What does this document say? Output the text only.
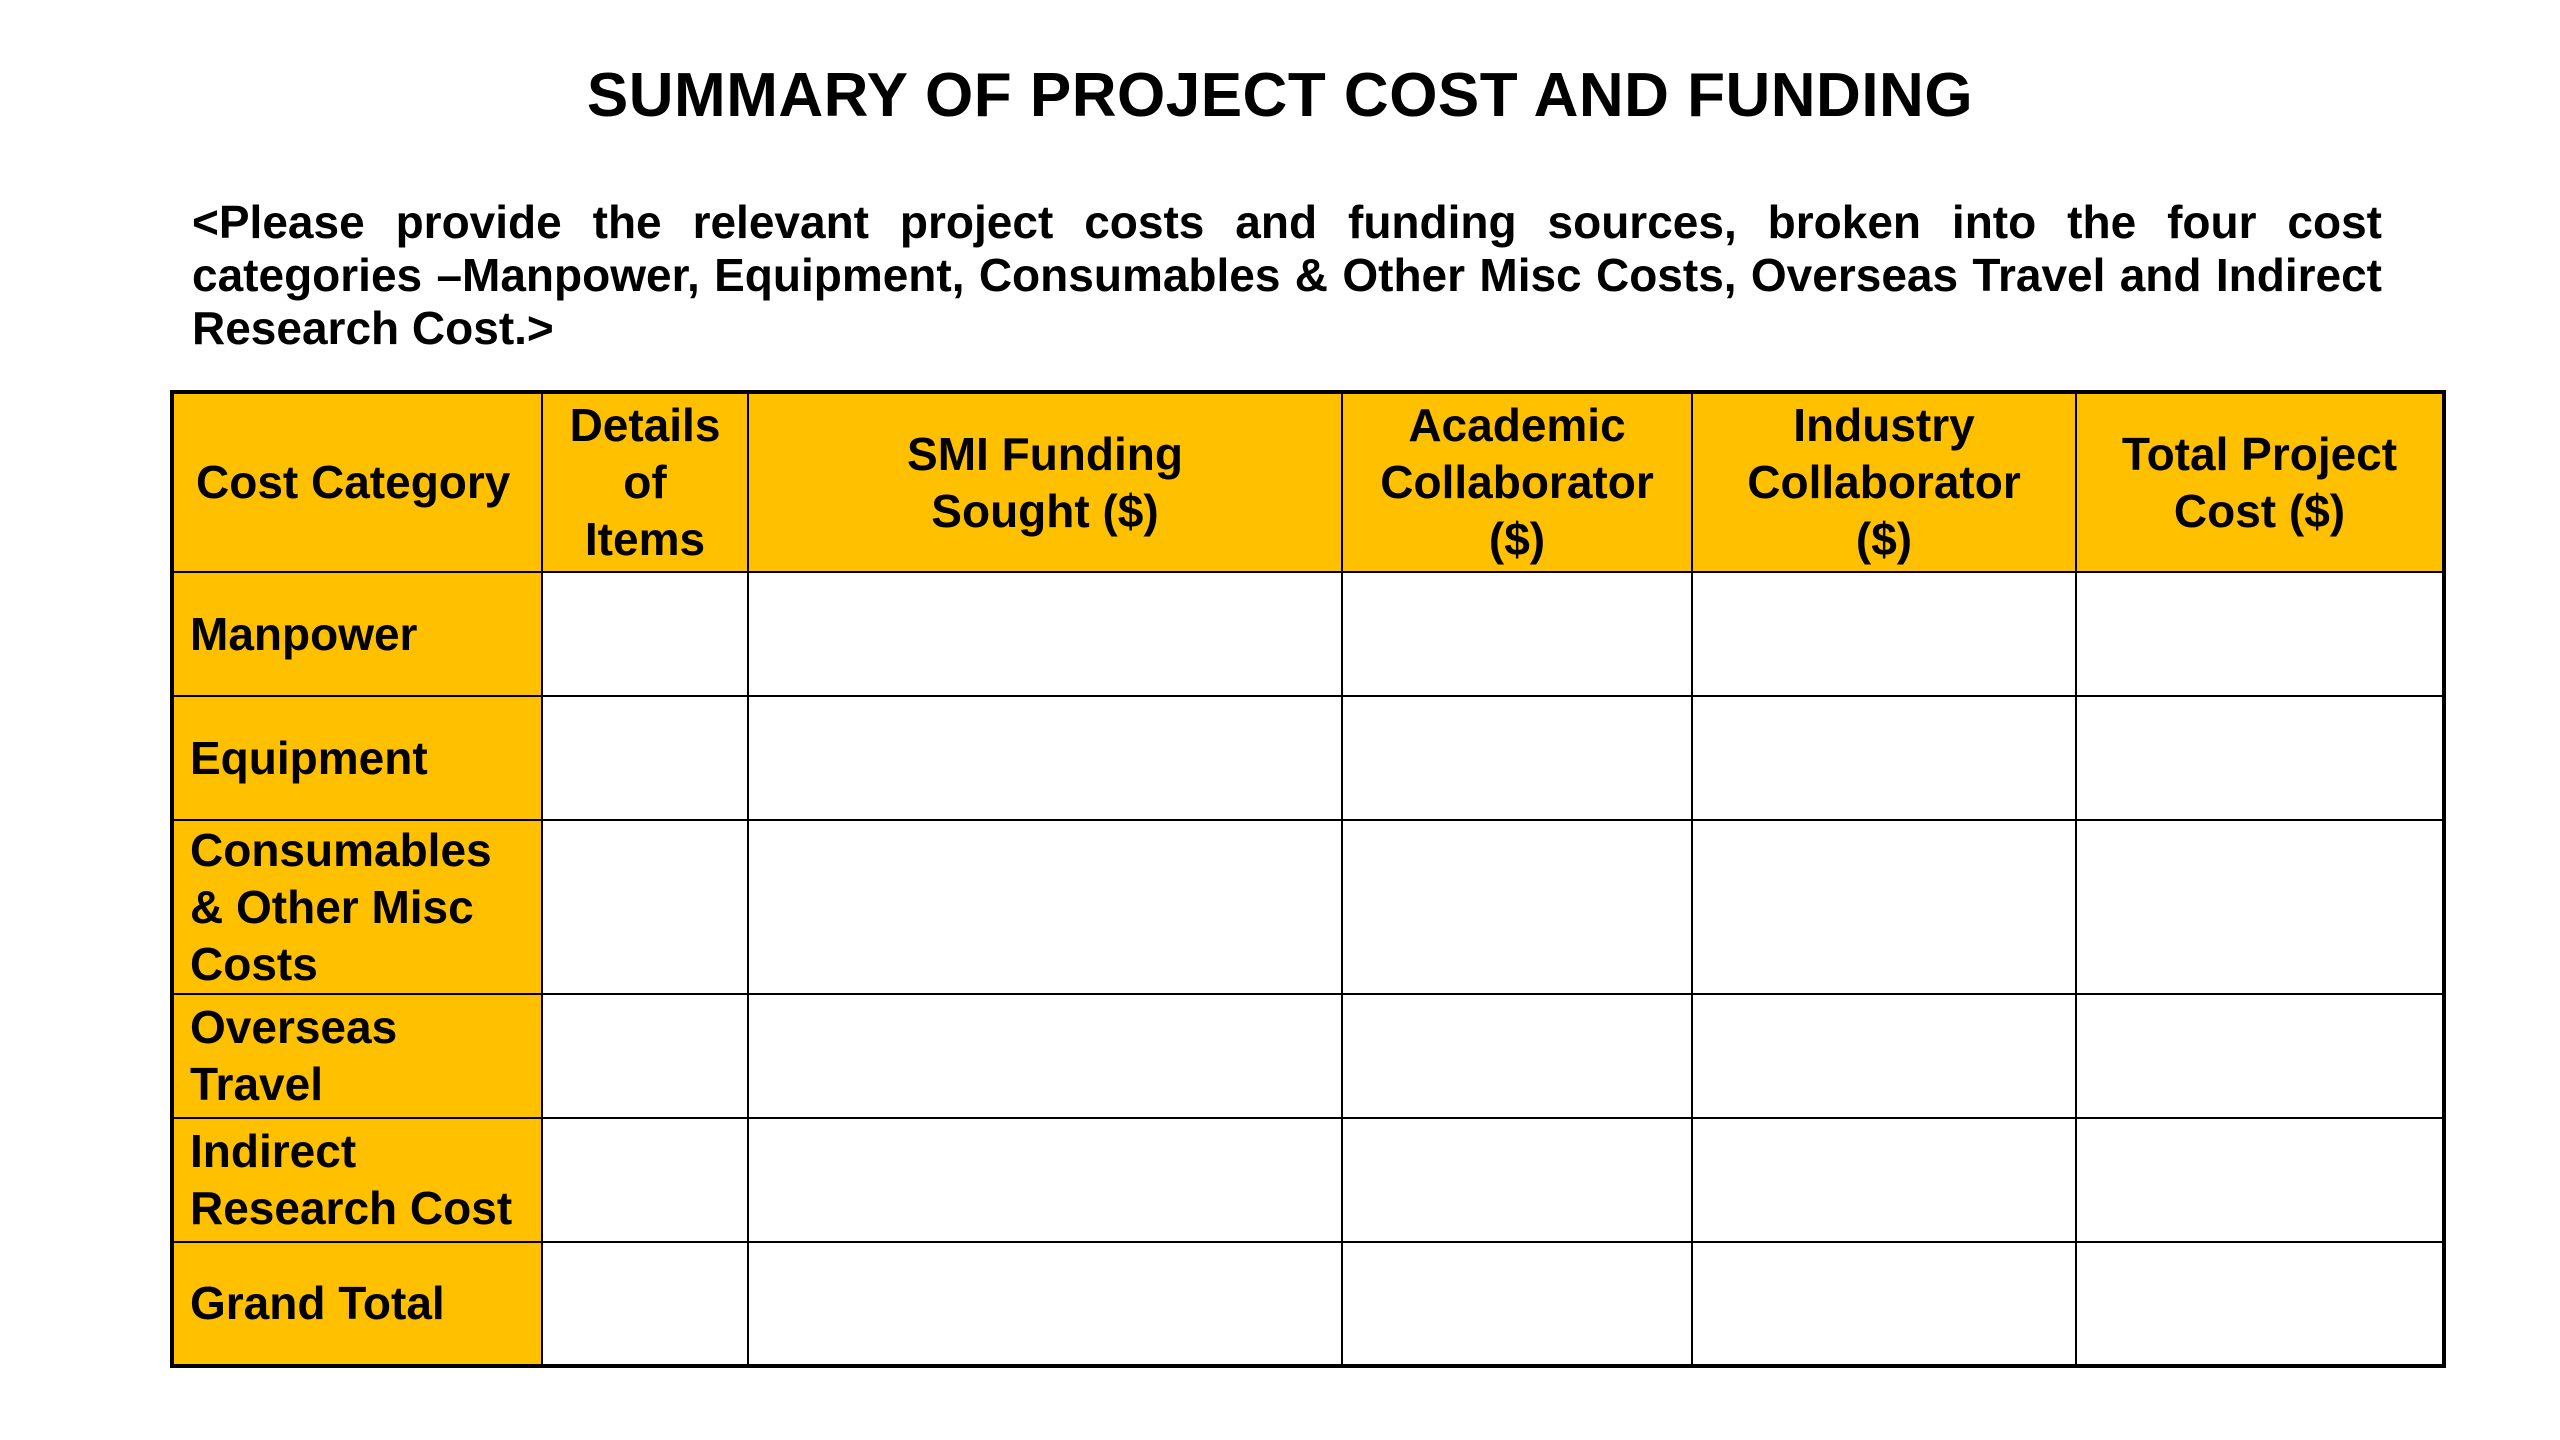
SUMMARY OF PROJECT COST AND FUNDING
<Please provide the relevant project costs and funding sources, broken into the four cost categories –Manpower, Equipment, Consumables & Other Misc Costs, Overseas Travel and Indirect Research Cost.>
Cost Category	Details of Items	SMI Funding Sought ($)	Academic Collaborator ($)	Industry Collaborator ($)	Total Project Cost ($)
Manpower					
Equipment					
Consumables & Other Misc Costs					
Overseas Travel					
Indirect Research Cost					
Grand Total					
